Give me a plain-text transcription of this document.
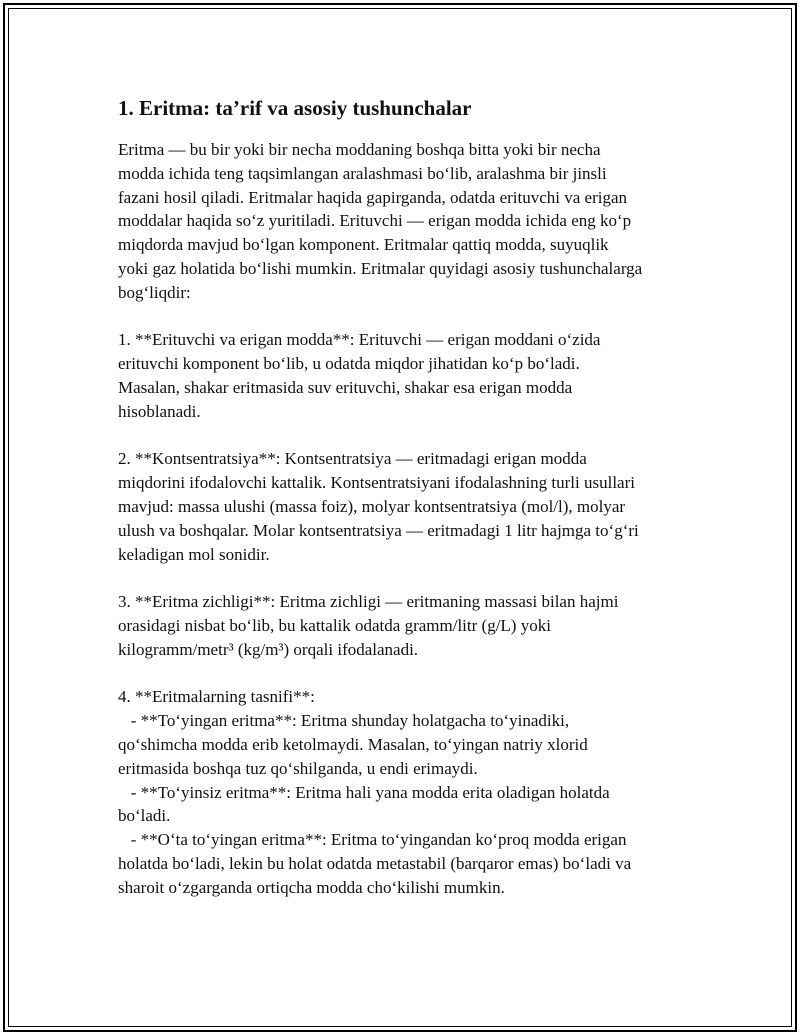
1. Eritma: ta’rif va asosiy tushunchalar

Eritma — bu bir yoki bir necha moddaning boshqa bitta yoki bir necha
modda ichida teng taqsimlangan aralashmasi bo‘lib, aralashma bir jinsli
fazani hosil qiladi. Eritmalar haqida gapirganda, odatda erituvchi va erigan
moddalar haqida so‘z yuritiladi. Erituvchi — erigan modda ichida eng ko‘p
miqdorda mavjud bo‘lgan komponent. Eritmalar qattiq modda, suyuqlik
yoki gaz holatida bo‘lishi mumkin. Eritmalar quyidagi asosiy tushunchalarga
bog‘liqdir:

1. **Erituvchi va erigan modda**: Erituvchi — erigan moddani o‘zida
erituvchi komponent bo‘lib, u odatda miqdor jihatidan ko‘p bo‘ladi.
Masalan, shakar eritmasida suv erituvchi, shakar esa erigan modda
hisoblanadi.

2. **Kontsentratsiya**: Kontsentratsiya — eritmadagi erigan modda
miqdorini ifodalovchi kattalik. Kontsentratsiyani ifodalashning turli usullari
mavjud: massa ulushi (massa foiz), molyar kontsentratsiya (mol/l), molyar
ulush va boshqalar. Molar kontsentratsiya — eritmadagi 1 litr hajmga to‘g‘ri
keladigan mol sonidir.

3. **Eritma zichligi**: Eritma zichligi — eritmaning massasi bilan hajmi
orasidagi nisbat bo‘lib, bu kattalik odatda gramm/litr (g/L) yoki
kilogramm/metr³ (kg/m³) orqali ifodalanadi.

4. **Eritmalarning tasnifi**:
- **To‘yingan eritma**: Eritma shunday holatgacha to‘yinadiki,
qo‘shimcha modda erib ketolmaydi. Masalan, to‘yingan natriy xlorid
eritmasida boshqa tuz qo‘shilganda, u endi erimaydi.
- **To‘yinsiz eritma**: Eritma hali yana modda erita oladigan holatda
bo‘ladi.
- **O‘ta to‘yingan eritma**: Eritma to‘yingandan ko‘proq modda erigan
holatda bo‘ladi, lekin bu holat odatda metastabil (barqaror emas) bo‘ladi va
sharoit o‘zgarganda ortiqcha modda cho‘kilishi mumkin.
